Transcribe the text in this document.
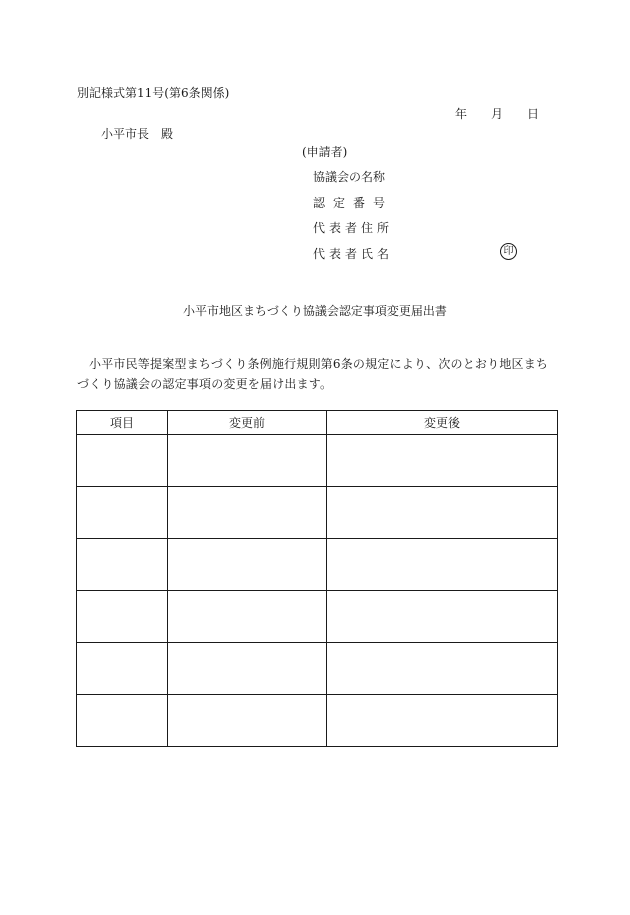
別記様式第11号(第6条関係)
年 月 日
小平市長　殿
(申請者)
協議会の名称
認定番号
代表者住所
代表者氏名	印
小平市地区まちづくり協議会認定事項変更届出書
小平市民等提案型まちづくり条例施行規則第6条の規定により、次のとおり地区まちづくり協議会の認定事項の変更を届け出ます。
項目	変更前	変更後
